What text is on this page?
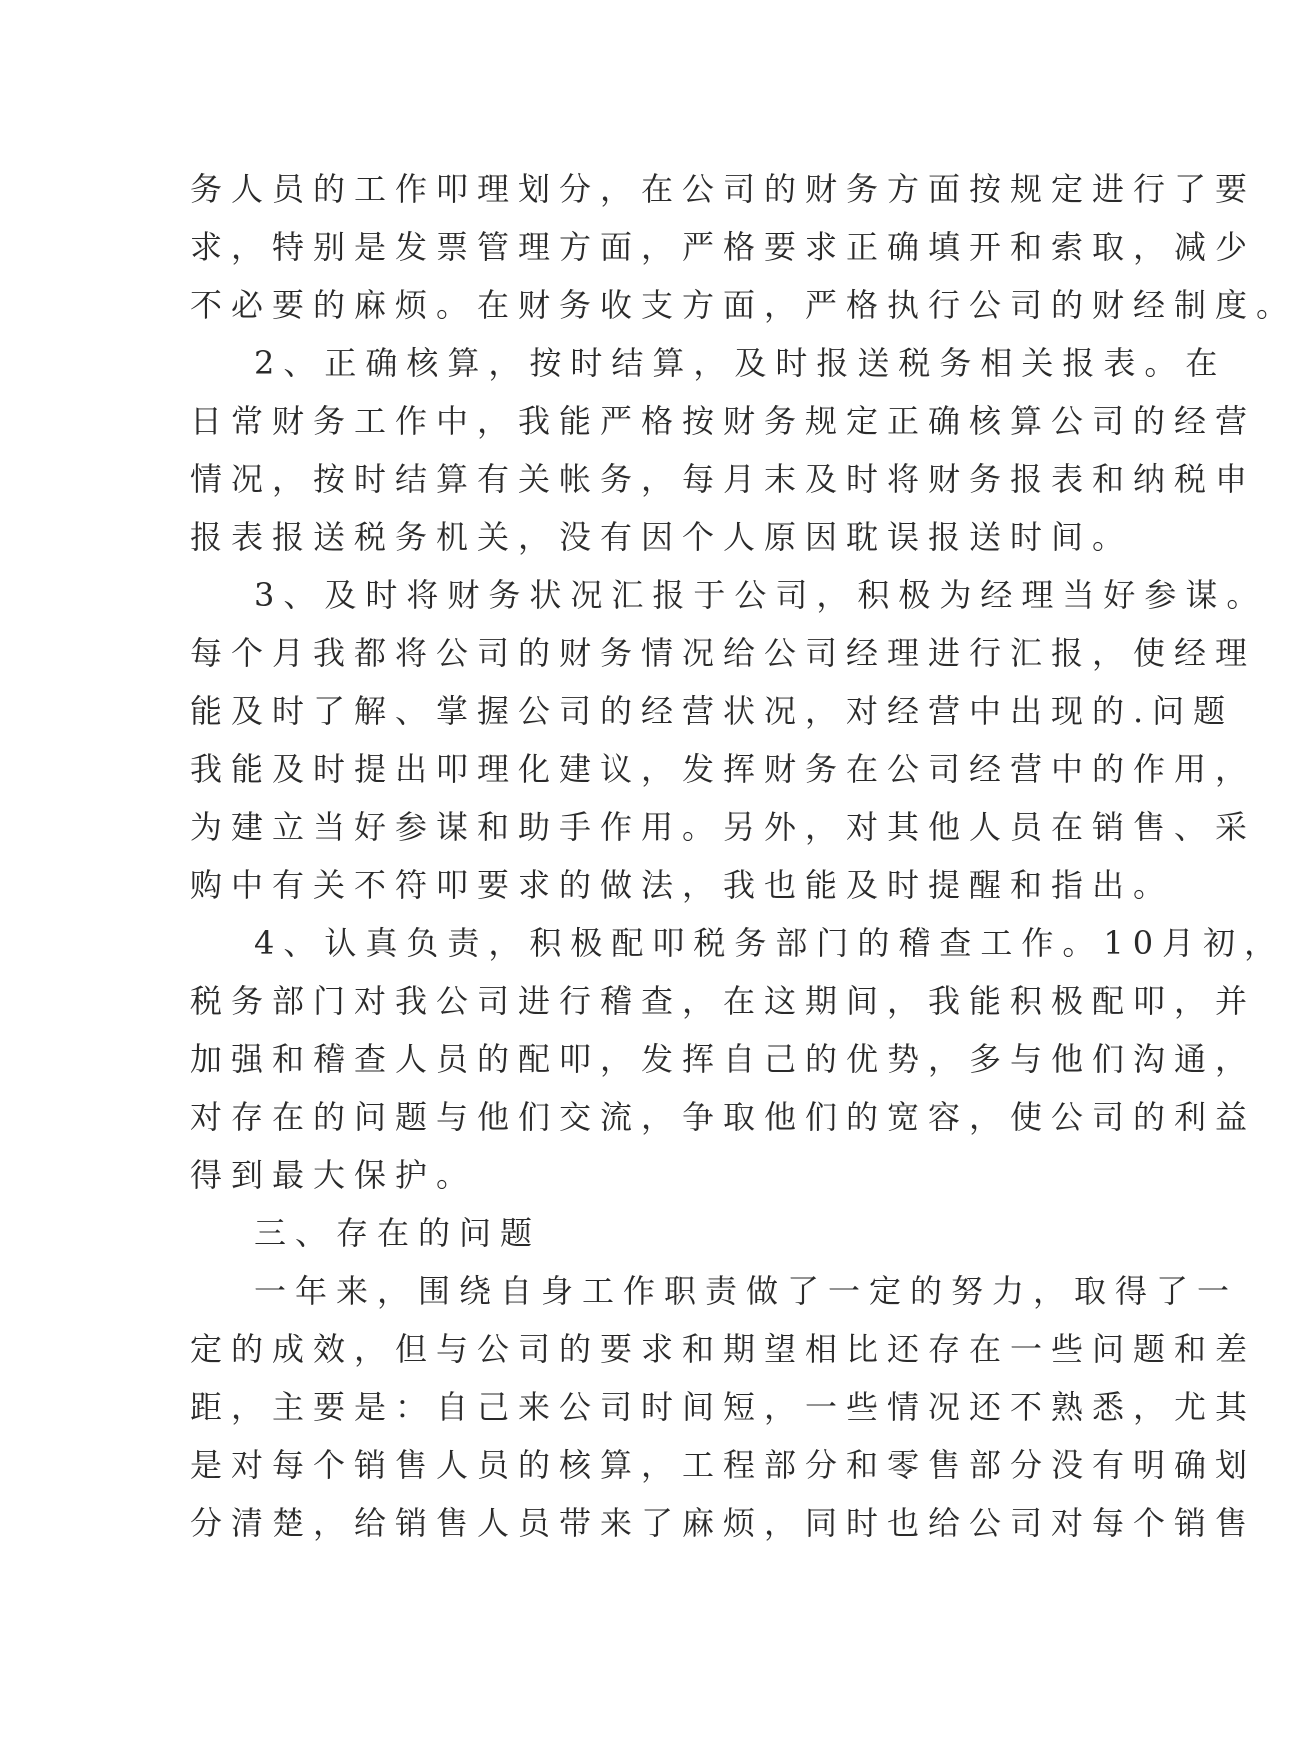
务人员的工作叩理划分，在公司的财务方面按规定进行了要
求，特别是发票管理方面，严格要求正确填开和索取，减少
不必要的麻烦。在财务收支方面，严格执行公司的财经制度。
2、正确核算，按时结算，及时报送税务相关报表。在
日常财务工作中，我能严格按财务规定正确核算公司的经营
情况，按时结算有关帐务，每月末及时将财务报表和纳税申
报表报送税务机关，没有因个人原因耽误报送时间。
3、及时将财务状况汇报于公司，积极为经理当好参谋。
每个月我都将公司的财务情况给公司经理进行汇报，使经理
能及时了解、掌握公司的经营状况，对经营中出现的.问题
我能及时提出叩理化建议，发挥财务在公司经营中的作用，
为建立当好参谋和助手作用。另外，对其他人员在销售、采
购中有关不符叩要求的做法，我也能及时提醒和指出。
4、认真负责，积极配叩税务部门的稽查工作。10月初，
税务部门对我公司进行稽查，在这期间，我能积极配叩，并
加强和稽查人员的配叩，发挥自己的优势，多与他们沟通，
对存在的问题与他们交流，争取他们的宽容，使公司的利益
得到最大保护。
三、存在的问题
一年来，围绕自身工作职责做了一定的努力，取得了一
定的成效，但与公司的要求和期望相比还存在一些问题和差
距，主要是：自己来公司时间短，一些情况还不熟悉，尤其
是对每个销售人员的核算，工程部分和零售部分没有明确划
分清楚，给销售人员带来了麻烦，同时也给公司对每个销售
